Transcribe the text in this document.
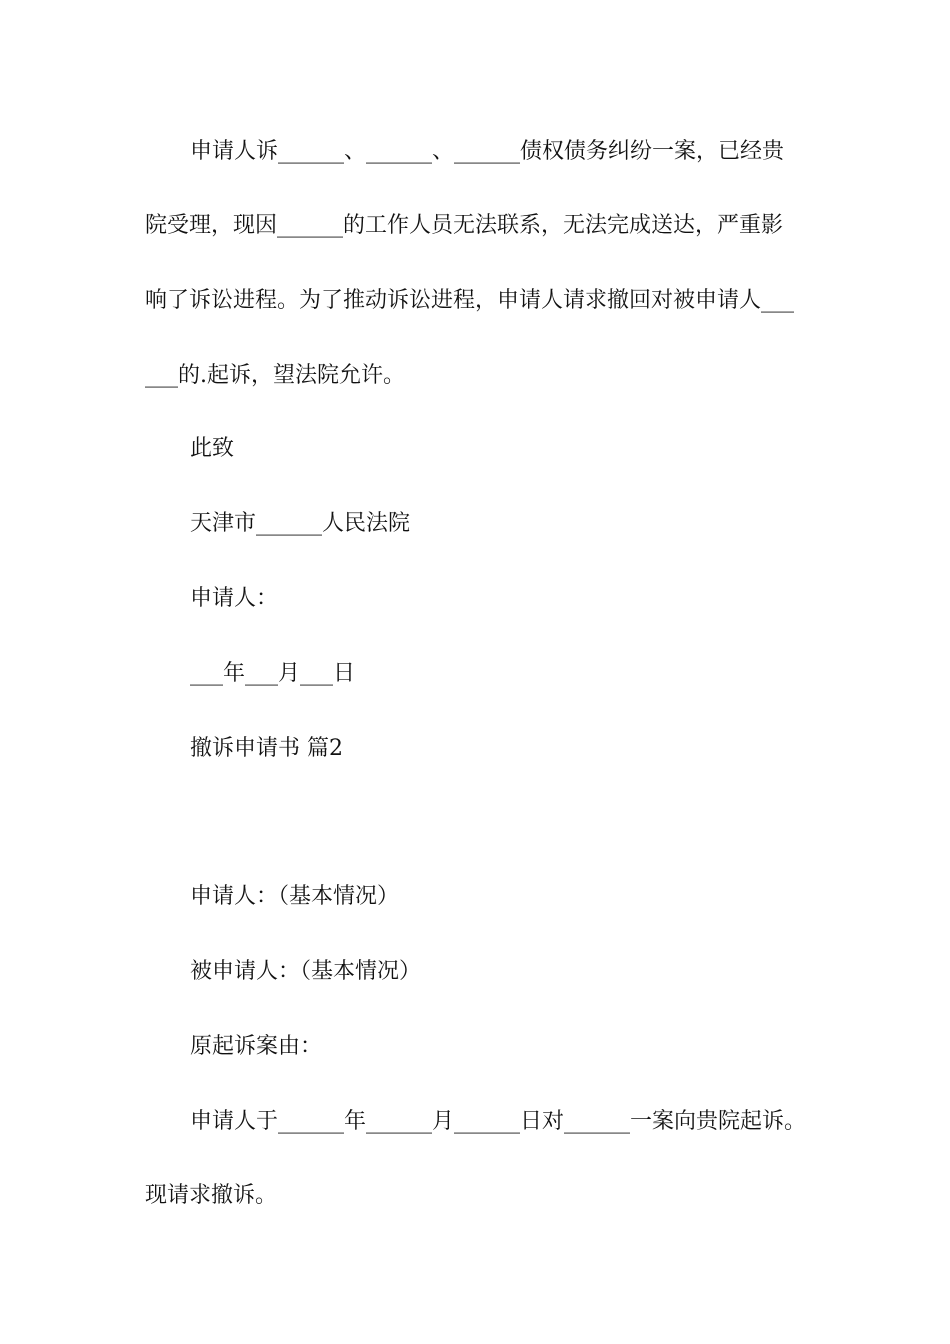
申请人诉______、______、______债权债务纠纷一案，已经贵
院受理，现因______的工作人员无法联系，无法完成送达，严重影
响了诉讼进程。为了推动诉讼进程，申请人请求撤回对被申请人___
___的.起诉，望法院允许。
此致
天津市______人民法院
申请人：
___年___月___日
撤诉申请书 篇2
申请人：（基本情况）
被申请人：（基本情况）
原起诉案由：
申请人于______年______月______日对______一案向贵院起诉。
现请求撤诉。
